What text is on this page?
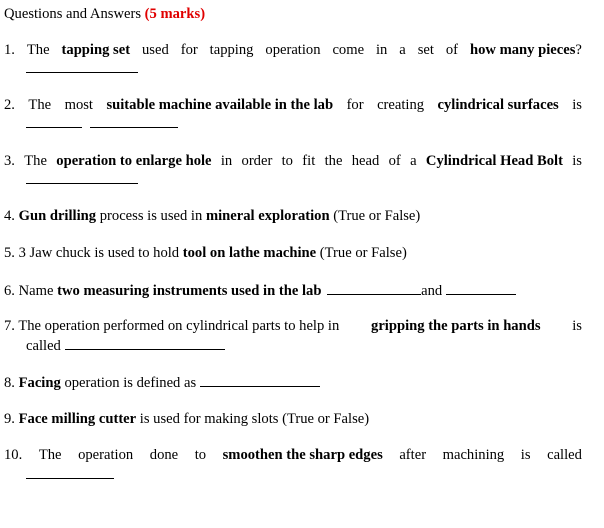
Questions and Answers (5 marks)
1. The tapping set used for tapping operation come in a set of how many pieces?
2. The most suitable machine available in the lab for creating cylindrical surfaces is

3. The operation to enlarge hole in order to fit the head of a Cylindrical Head Bolt is
4. Gun drilling process is used in mineral exploration (True or False)
5. 3 Jaw chuck is used to hold tool on lathe machine (True or False)
6. Name two measuring instruments used in the lab	and
7. The operation performed on cylindrical parts to help in gripping the parts in hands is
called
8. Facing operation is defined as
9. Face milling cutter is used for making slots (True or False)
10. The operation done to smoothen the sharp edges after machining is called
